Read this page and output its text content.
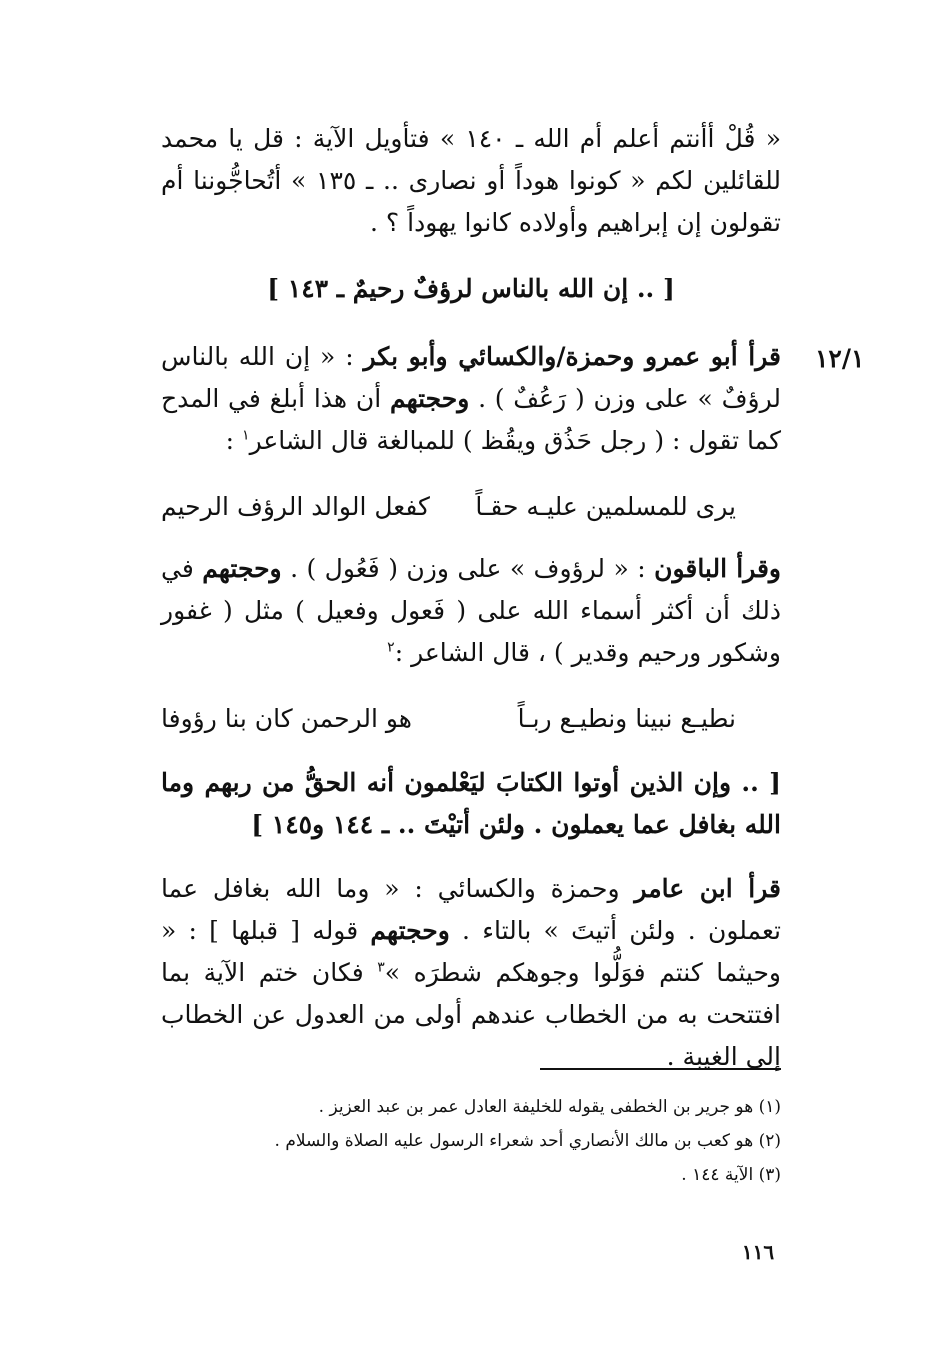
« قُلْ أأنتم أعلم أم الله ـ ١٤٠ » فتأويل الآية : قل يا محمد للقائلين لكم « كونوا هوداً أو نصارى .. ـ ١٣٥ » أتُحاجُّوننا أم تقولون إن إبراهيم وأولاده كانوا يهوداً ؟ .
[ .. إن الله بالناس لرؤفٌ رحيمٌ ـ ١٤٣ ]
١٢/١
قرأ أبو عمرو وحمزة/والكسائي وأبو بكر : « إن الله بالناس لرؤفٌ » على وزن ( رَعُفٌ ) . وحجتهم أن هذا أبلغ في المدح كما تقول : ( رجل حَذُق ويقُظ ) للمبالغة قال الشاعر$^١$ :
يرى للمسلمين عليـه حقـاً
كفعل الوالد الرؤف الرحيم
وقرأ الباقون : « لرؤوف » على وزن ( فَعُول ) . وحجتهم في ذلك أن أكثر أسماء الله على ( فَعول وفعيل ) مثل ( غفور وشكور ورحيم وقدير ) ، قال الشاعر :$^٢$
نطيـع نبينا ونطيـع ربـاً
هو الرحمن كان بنا رؤوفا
[ .. وإن الذين أوتوا الكتابَ ليَعْلمون أنه الحقُّ من ربهم وما الله بغافل عما يعملون . ولئن أتيْتَ .. ـ ١٤٤ و١٤٥ ]
قرأ ابن عامر وحمزة والكسائي : « وما الله بغافل عما تعملون . ولئن أتيتَ » بالتاء . وحجتهم قوله [ قبلها ] : « وحيثما كنتم فوَلُّوا وجوهكم شطرَه »$^٣$ فكان ختم الآية بما افتتحت به من الخطاب عندهم أولى من العدول عن الخطاب إلى الغيبة .
(١) هو جرير بن الخطفى يقوله للخليفة العادل عمر بن عبد العزيز .
(٢) هو كعب بن مالك الأنصاري أحد شعراء الرسول عليه الصلاة والسلام .
(٣) الآية ١٤٤ .
١١٦
